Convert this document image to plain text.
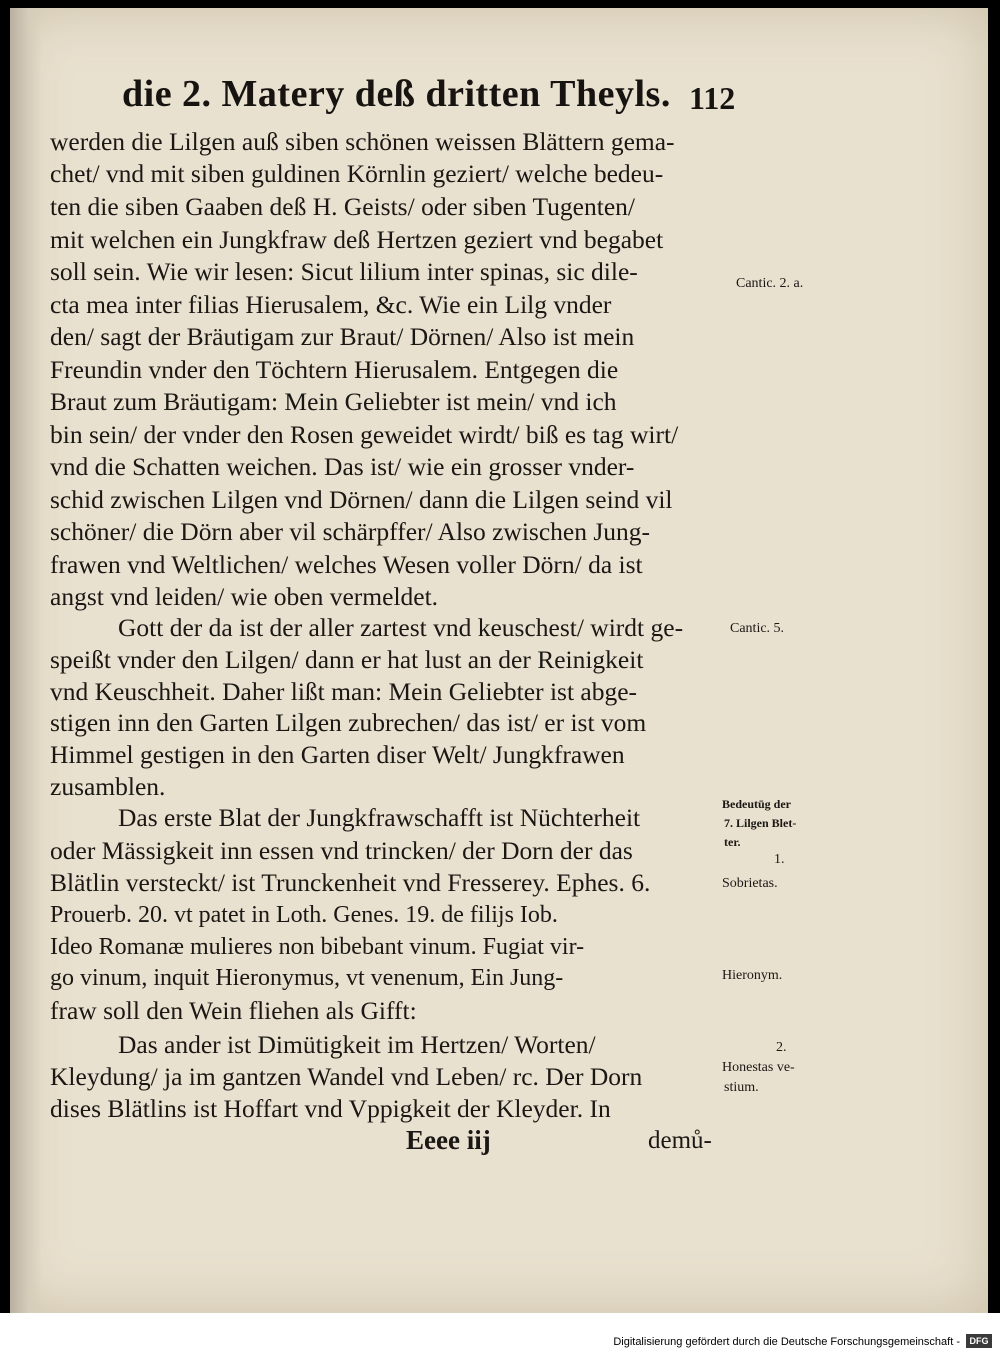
die 2. Matery deß dritten Theyls. 112
werden die Lilgen auß siben schönen weissen Blättern gema-
chet/ vnd mit siben guldinen Körnlin geziert/ welche bedeu-
ten die siben Gaaben deß H. Geists/ oder siben Tugenten/
mit welchen ein Jungkfraw deß Hertzen geziert vnd begabet
soll sein. Wie wir lesen: Sicut lilium inter spinas, sic dile-
cta mea inter filias Hierusalem, &c. Wie ein Lilg vnder
den/ sagt der Bräutigam zur Braut/ Dörnen/ Also ist mein
Freundin vnder den Töchtern Hierusalem. Entgegen die
Braut zum Bräutigam: Mein Geliebter ist mein/ vnd ich
bin sein/ der vnder den Rosen geweidet wirdt/ biß es tag wirt/
vnd die Schatten weichen. Das ist/ wie ein grosser vnder-
schid zwischen Lilgen vnd Dörnen/ dann die Lilgen seind vil
schöner/ die Dörn aber vil schärpffer/ Also zwischen Jung-
frawen vnd Weltlichen/ welches Wesen voller Dörn/ da ist
angst vnd leiden/ wie oben vermeldet.
Gott der da ist der aller zartest vnd keuschest/ wirdt ge-
speißt vnder den Lilgen/ dann er hat lust an der Reinigkeit
vnd Keuschheit. Daher lißt man: Mein Geliebter ist abge-
stigen inn den Garten Lilgen zubrechen/ das ist/ er ist vom
Himmel gestigen in den Garten diser Welt/ Jungkfrawen
zusamblen.
Das erste Blat der Jungkfrawschafft ist Nüchterheit
oder Mässigkeit inn essen vnd trincken/ der Dorn der das
Blätlin versteckt/ ist Trunckenheit vnd Fresserey. Ephes. 6.
Prouerb. 20. vt patet in Loth. Genes. 19. de filijs Iob.
Ideo Romanæ mulieres non bibebant vinum. Fugiat vir-
go vinum, inquit Hieronymus, vt venenum, Ein Jung-
fraw soll den Wein fliehen als Gifft:
Das ander ist Dimütigkeit im Hertzen/ Worten/
Kleydung/ ja im gantzen Wandel vnd Leben/ rc. Der Dorn
dises Blätlins ist Hoffart vnd Vppigkeit der Kleyder. In
Cantic. 2. a.
Cantic. 5.
Bedeutūg der
7. Lilgen Blet-
ter.
1.
Sobrietas.
Hieronym.
2.
Honestas ve-
stium.
Eeee iij	demů-
Digitalisierung gefördert durch die Deutsche Forschungsgemeinschaft -	DFG
